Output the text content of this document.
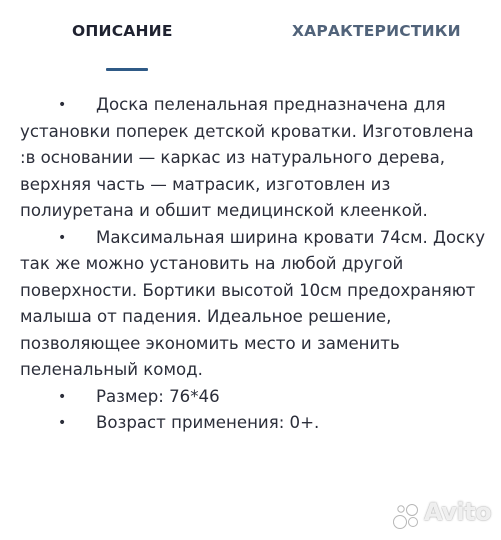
ОПИСАНИЕ	ХАРАКТЕРИСТИКИ

• Доска пеленальная предназначена для установки поперек детской кроватки. Изготовлена :в основании — каркас из натурального дерева, верхняя часть — матрасик, изготовлен из полиуретана и обшит медицинской клеенкой.

• Максимальная ширина кровати 74см. Доску так же можно установить на любой другой поверхности. Бортики высотой 10см предохраняют малыша от падения. Идеальное решение, позволяющее экономить место и заменить пеленальный комод.

• Размер: 76*46

• Возраст применения: 0+.

Avito
